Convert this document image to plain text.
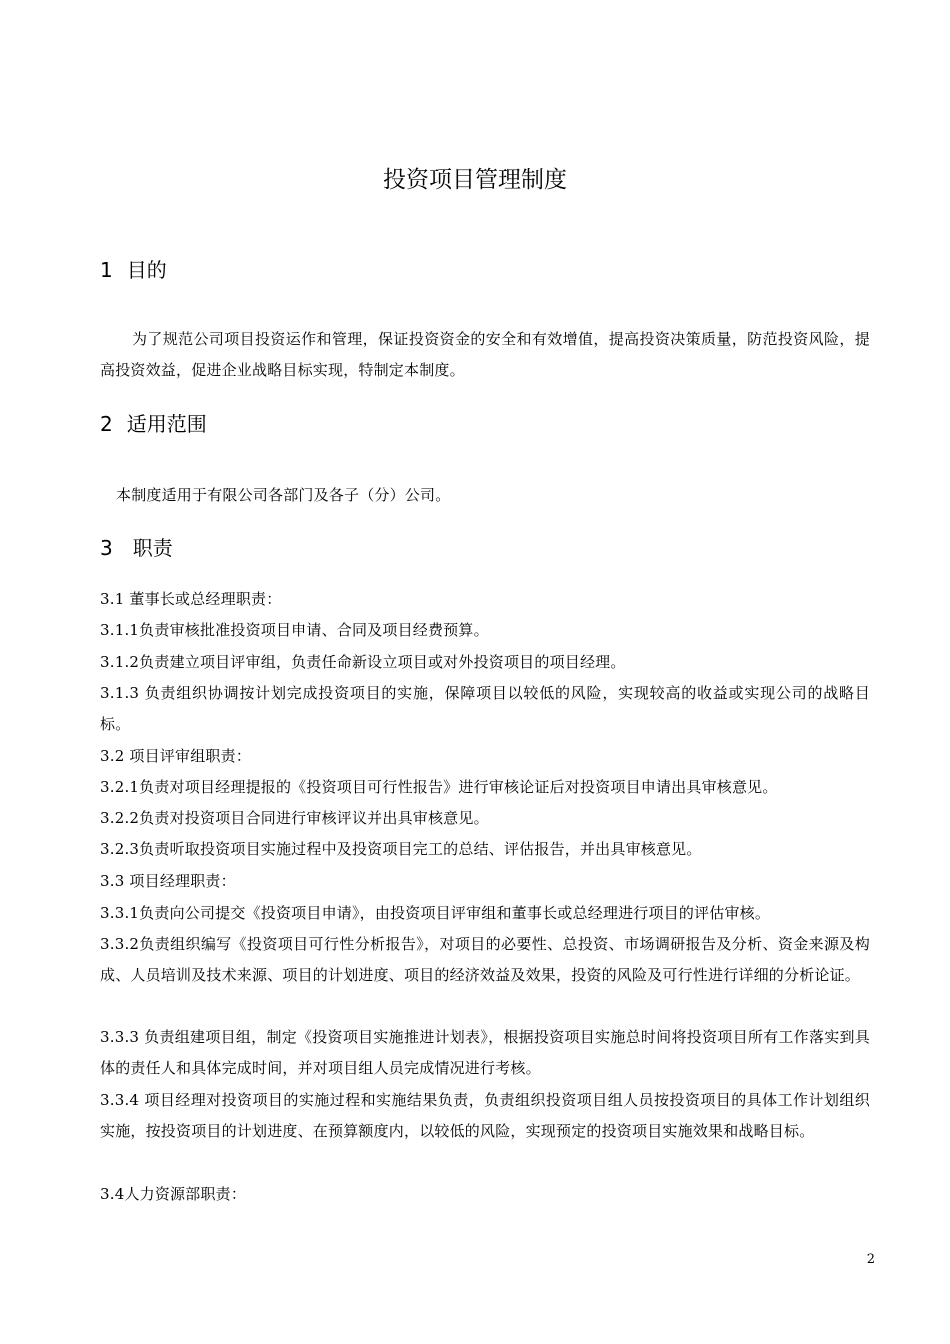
投资项目管理制度
1 目的
为了规范公司项目投资运作和管理，保证投资资金的安全和有效增值，提高投资决策质量，防范投资风险，提高投资效益，促进企业战略目标实现，特制定本制度。
2 适用范围
本制度适用于有限公司各部门及各子（分）公司。
3 职责
3.1 董事长或总经理职责：
3.1.1负责审核批准投资项目申请、合同及项目经费预算。
3.1.2负责建立项目评审组，负责任命新设立项目或对外投资项目的项目经理。
3.1.3 负责组织协调按计划完成投资项目的实施，保障项目以较低的风险，实现较高的收益或实现公司的战略目标。
3.2 项目评审组职责：
3.2.1负责对项目经理提报的《投资项目可行性报告》进行审核论证后对投资项目申请出具审核意见。
3.2.2负责对投资项目合同进行审核评议并出具审核意见。
3.2.3负责听取投资项目实施过程中及投资项目完工的总结、评估报告，并出具审核意见。
3.3 项目经理职责：
3.3.1负责向公司提交《投资项目申请》，由投资项目评审组和董事长或总经理进行项目的评估审核。
3.3.2负责组织编写《投资项目可行性分析报告》，对项目的必要性、总投资、市场调研报告及分析、资金来源及构成、人员培训及技术来源、项目的计划进度、项目的经济效益及效果，投资的风险及可行性进行详细的分析论证。
3.3.3 负责组建项目组，制定《投资项目实施推进计划表》，根据投资项目实施总时间将投资项目所有工作落实到具体的责任人和具体完成时间，并对项目组人员完成情况进行考核。
3.3.4 项目经理对投资项目的实施过程和实施结果负责，负责组织投资项目组人员按投资项目的具体工作计划组织实施，按投资项目的计划进度、在预算额度内，以较低的风险，实现预定的投资项目实施效果和战略目标。
3.4人力资源部职责：
2
